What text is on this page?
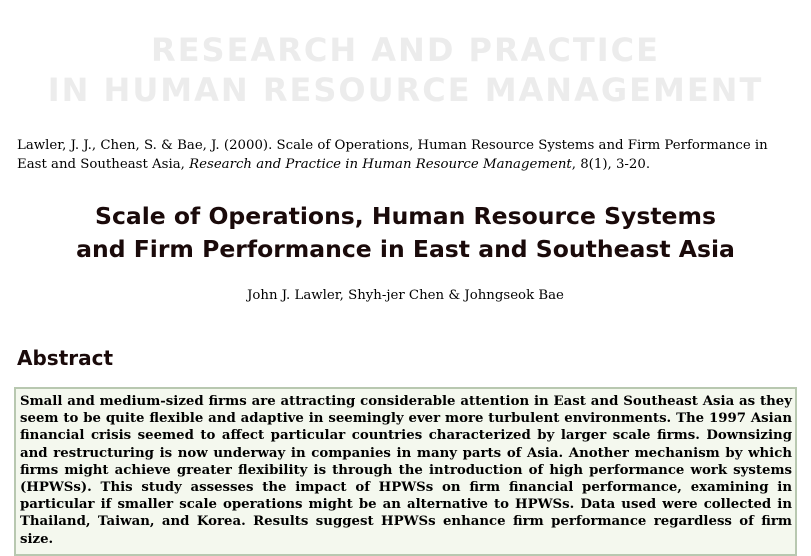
RESEARCH AND PRACTICE
IN HUMAN RESOURCE MANAGEMENT
Lawler, J. J., Chen, S. & Bae, J. (2000). Scale of Operations, Human Resource Systems and Firm Performance in East and Southeast Asia, Research and Practice in Human Resource Management, 8(1), 3-20.
Scale of Operations, Human Resource Systems
and Firm Performance in East and Southeast Asia
John J. Lawler, Shyh-jer Chen & Johngseok Bae
Abstract

Small and medium-sized firms are attracting considerable attention in East and Southeast Asia as they seem to be quite flexible and adaptive in seemingly ever more turbulent environments. The 1997 Asian financial crisis seemed to affect particular countries characterized by larger scale firms. Downsizing and restructuring is now underway in companies in many parts of Asia. Another mechanism by which firms might achieve greater flexibility is through the introduction of high performance work systems (HPWSs). This study assesses the impact of HPWSs on firm financial performance, examining in particular if smaller scale operations might be an alternative to HPWSs. Data used were collected in Thailand, Taiwan, and Korea. Results suggest HPWSs enhance firm performance regardless of firm size.
